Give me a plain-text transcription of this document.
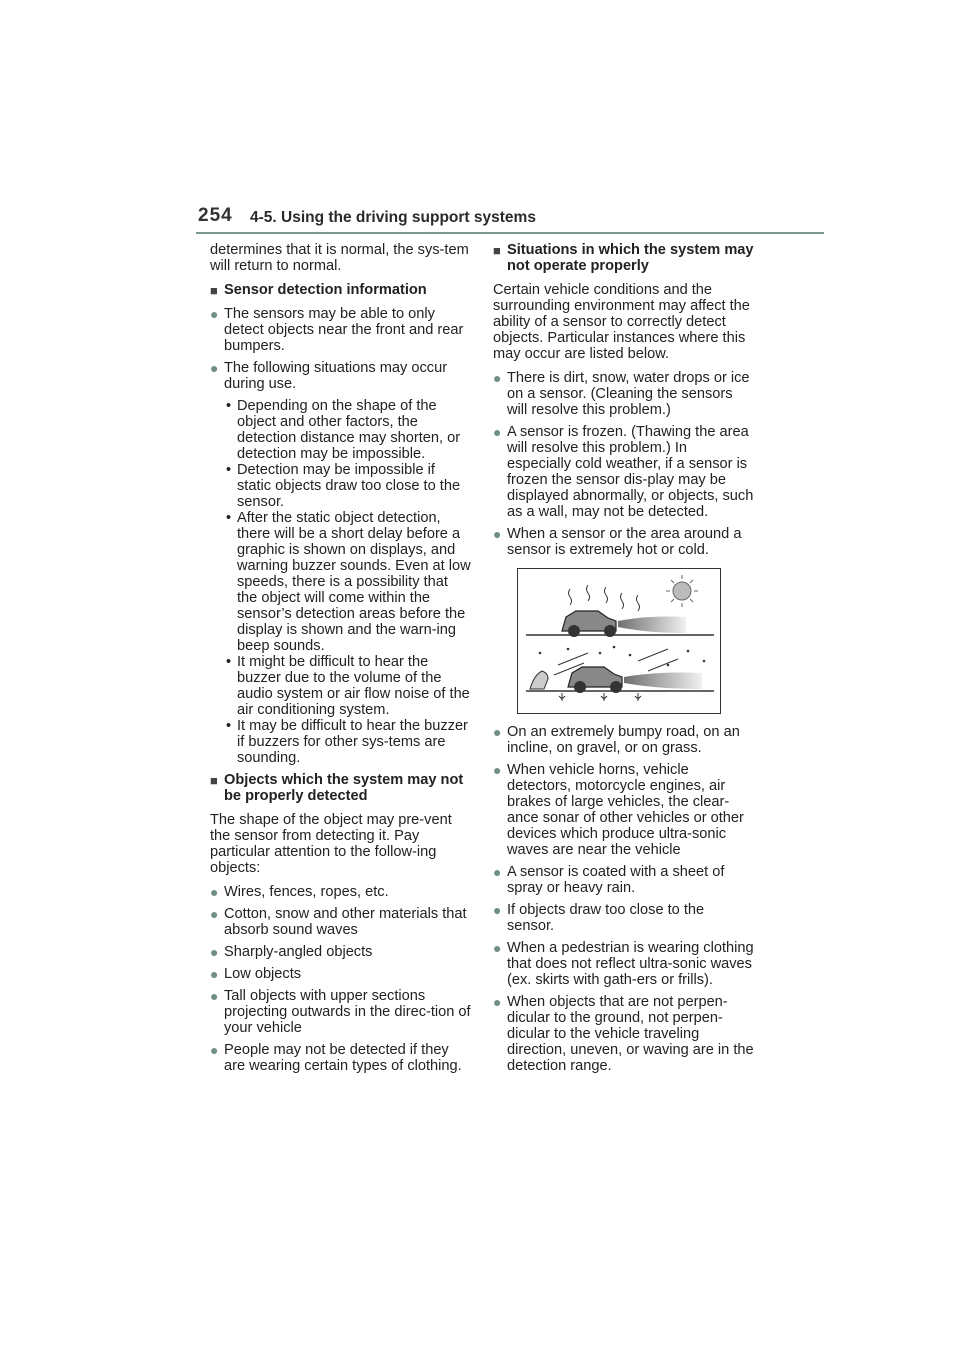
254 4-5. Using the driving support systems

determines that it is normal, the sys-tem will return to normal.

■ Sensor detection information
● The sensors may be able to only detect objects near the front and rear bumpers.
● The following situations may occur during use.
• Depending on the shape of the object and other factors, the detection distance may shorten, or detection may be impossible.
• Detection may be impossible if static objects draw too close to the sensor.
• After the static object detection, there will be a short delay before a graphic is shown on displays, and warning buzzer sounds. Even at low speeds, there is a possibility that the object will come within the sensor’s detection areas before the display is shown and the warn-ing beep sounds.
• It might be difficult to hear the buzzer due to the volume of the audio system or air flow noise of the air conditioning system.
• It may be difficult to hear the buzzer if buzzers for other sys-tems are sounding.
■ Objects which the system may not be properly detected

The shape of the object may pre-vent the sensor from detecting it. Pay particular attention to the follow-ing objects:

● Wires, fences, ropes, etc.
● Cotton, snow and other materials that absorb sound waves
● Sharply-angled objects
● Low objects
● Tall objects with upper sections projecting outwards in the direc-tion of your vehicle
● People may not be detected if they are wearing certain types of clothing.
■ Situations in which the system may not operate properly

Certain vehicle conditions and the surrounding environment may affect the ability of a sensor to correctly detect objects. Particular instances where this may occur are listed below.

● There is dirt, snow, water drops or ice on a sensor. (Cleaning the sensors will resolve this problem.)
● A sensor is frozen. (Thawing the area will resolve this problem.) In especially cold weather, if a sensor is frozen the sensor dis-play may be displayed abnormally, or objects, such as a wall, may not be detected.
● When a sensor or the area around a sensor is extremely hot or cold.
● On an extremely bumpy road, on an incline, on gravel, or on grass.
● When vehicle horns, vehicle detectors, motorcycle engines, air brakes of large vehicles, the clear-ance sonar of other vehicles or other devices which produce ultra-sonic waves are near the vehicle
● A sensor is coated with a sheet of spray or heavy rain.
● If objects draw too close to the sensor.
● When a pedestrian is wearing clothing that does not reflect ultra-sonic waves (ex. skirts with gath-ers or frills).
● When objects that are not perpen-dicular to the ground, not perpen-dicular to the vehicle traveling direction, uneven, or waving are in the detection range.
